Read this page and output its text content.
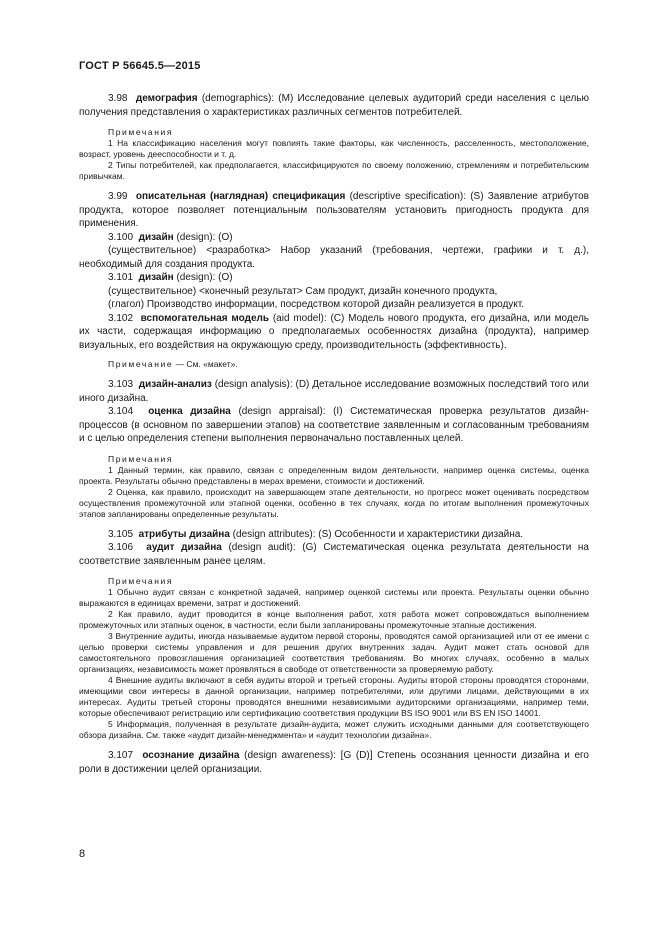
ГОСТ Р 56645.5—2015

3.98 демография (demographics): (M) Исследование целевых аудиторий среди населения с целью получения представления о характеристиках различных сегментов потребителей.

Примечания

1 На классификацию населения могут повлиять такие факторы, как численность, расселенность, местоположение, возраст, уровень дееспособности и т. д.

2 Типы потребителей, как предполагается, классифицируются по своему положению, стремлениям и потребительским привычкам.

3.99 описательная (наглядная) спецификация (descriptive specification): (S) Заявление атрибутов продукта, которое позволяет потенциальным пользователям установить пригодность продукта для применения.

3.100 дизайн (design): (O)

(существительное) <разработка> Набор указаний (требования, чертежи, графики и т. д.), необходимый для создания продукта.

3.101 дизайн (design): (O)

(существительное) <конечный результат> Сам продукт, дизайн конечного продукта,

(глагол) Производство информации, посредством которой дизайн реализуется в продукт.

3.102 вспомогательная модель (aid model): (C) Модель нового продукта, его дизайна, или модель их части, содержащая информацию о предполагаемых особенностях дизайна (продукта), например визуальных, его воздействия на окружающую среду, производительность (эффективность).

Примечание — См. «макет».

3.103 дизайн-анализ (design analysis): (D) Детальное исследование возможных последствий того или иного дизайна.

3.104 оценка дизайна (design appraisal): (I) Систематическая проверка результатов дизайн-процессов (в основном по завершении этапов) на соответствие заявленным и согласованным требованиям и с целью определения степени выполнения первоначально поставленных целей.

Примечания

1 Данный термин, как правило, связан с определенным видом деятельности, например оценка системы, оценка проекта. Результаты обычно представлены в мерах времени, стоимости и достижений.

2 Оценка, как правило, происходит на завершающем этапе деятельности, но прогресс может оценивать посредством осуществления промежуточной или этапной оценки, особенно в тех случаях, когда по итогам выполнения промежуточных этапов запланированы определенные результаты.

3.105 атрибуты дизайна (design attributes): (S) Особенности и характеристики дизайна.

3.106 аудит дизайна (design audit): (G) Систематическая оценка результата деятельности на соответствие заявленным ранее целям.

Примечания

1 Обычно аудит связан с конкретной задачей, например оценкой системы или проекта. Результаты оценки обычно выражаются в единицах времени, затрат и достижений.

2 Как правило, аудит проводится в конце выполнения работ, хотя работа может сопровождаться выполнением промежуточных или этапных оценок, в частности, если были запланированы промежуточные этапные достижения.

3 Внутренние аудиты, иногда называемые аудитом первой стороны, проводятся самой организацией или от ее имени с целью проверки системы управления и для решения других внутренних задач. Аудит может стать основой для самостоятельного провозглашения организацией соответствия требованиям. Во многих случаях, особенно в малых организациях, независимость может проявляться в свободе от ответственности за проверяемую работу.

4 Внешние аудиты включают в себя аудиты второй и третьей стороны. Аудиты второй стороны проводятся сторонами, имеющими свои интересы в данной организации, например потребителями, или другими лицами, действующими в их интересах. Аудиты третьей стороны проводятся внешними независимыми аудиторскими организациями, например теми, которые обеспечивают регистрацию или сертификацию соответствия продукции BS ISO 9001 или BS EN ISO 14001.

5 Информация, полученная в результате дизайн-аудита, может служить исходными данными для соответствующего обзора дизайна. См. также «аудит дизайн-менеджмента» и «аудит технологии дизайна».

3.107 осознание дизайна (design awareness): [G (D)] Степень осознания ценности дизайна и его роли в достижении целей организации.

8
